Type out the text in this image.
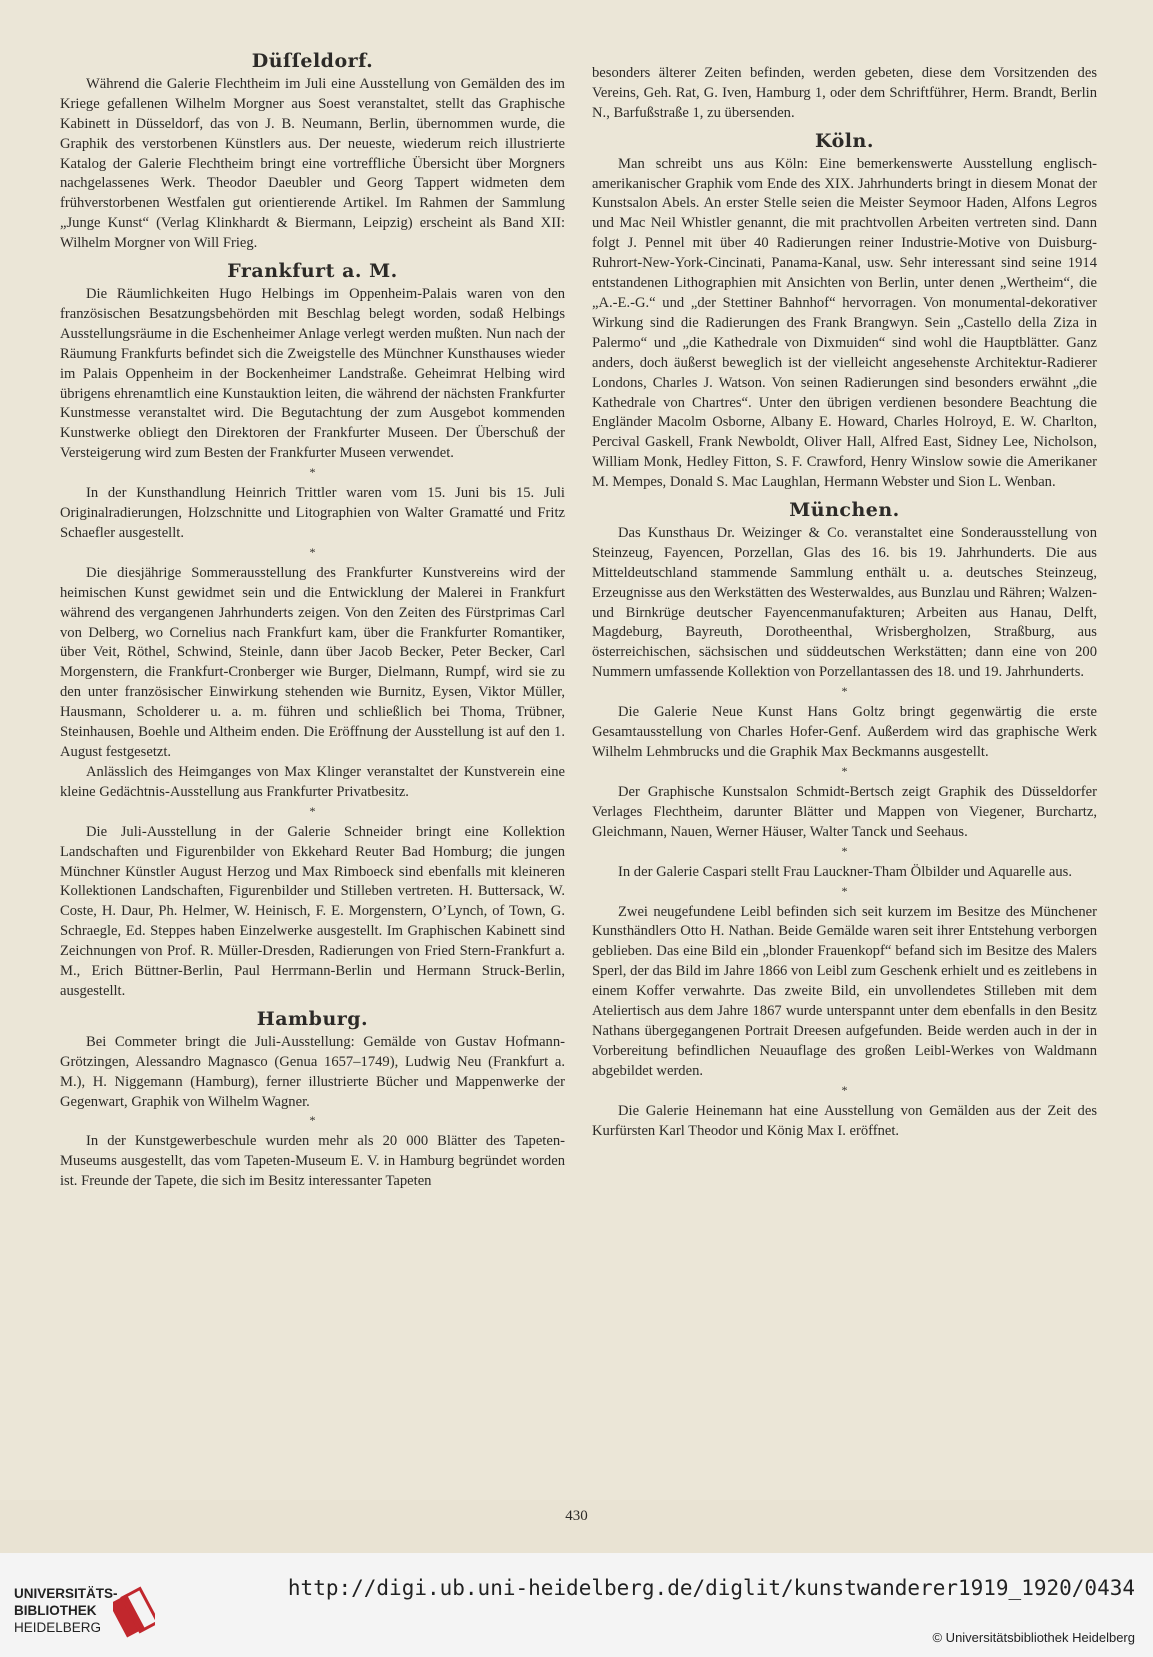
Düſſeldorf.

Während die Galerie Flechtheim im Juli eine Ausstellung von Gemälden des im Kriege gefallenen Wilhelm Morgner aus Soest veranstaltet, stellt das Graphische Kabinett in Düsseldorf, das von J. B. Neumann, Berlin, übernommen wurde, die Graphik des verstorbenen Künstlers aus. Der neueste, wiederum reich illustrierte Katalog der Galerie Flechtheim bringt eine vortreffliche Übersicht über Morgners nachgelassenes Werk. Theodor Daeubler und Georg Tappert widmeten dem frühverstorbenen Westfalen gut orientierende Artikel. Im Rahmen der Sammlung „Junge Kunst“ (Verlag Klinkhardt & Biermann, Leipzig) erscheint als Band XII: Wilhelm Morgner von Will Frieg.

Frankfurt a. M.

Die Räumlichkeiten Hugo Helbings im Oppenheim-Palais waren von den französischen Besatzungsbehörden mit Beschlag belegt worden, sodaß Helbings Ausstellungsräume in die Eschenheimer Anlage verlegt werden mußten. Nun nach der Räumung Frankfurts befindet sich die Zweigstelle des Münchner Kunsthauses wieder im Palais Oppenheim in der Bockenheimer Landstraße. Geheimrat Helbing wird übrigens ehrenamtlich eine Kunstauktion leiten, die während der nächsten Frankfurter Kunstmesse veranstaltet wird. Die Begutachtung der zum Ausgebot kommenden Kunstwerke obliegt den Direktoren der Frankfurter Museen. Der Überschuß der Versteigerung wird zum Besten der Frankfurter Museen verwendet.

*

In der Kunsthandlung Heinrich Trittler waren vom 15. Juni bis 15. Juli Originalradierungen, Holzschnitte und Litographien von Walter Gramatté und Fritz Schaefler ausgestellt.

*

Die diesjährige Sommerausstellung des Frankfurter Kunstvereins wird der heimischen Kunst gewidmet sein und die Entwicklung der Malerei in Frankfurt während des vergangenen Jahrhunderts zeigen. Von den Zeiten des Fürstprimas Carl von Delberg, wo Cornelius nach Frankfurt kam, über die Frankfurter Romantiker, über Veit, Röthel, Schwind, Steinle, dann über Jacob Becker, Peter Becker, Carl Morgenstern, die Frankfurt-Cronberger wie Burger, Dielmann, Rumpf, wird sie zu den unter französischer Einwirkung stehenden wie Burnitz, Eysen, Viktor Müller, Hausmann, Scholderer u. a. m. führen und schließlich bei Thoma, Trübner, Steinhausen, Boehle und Altheim enden. Die Eröffnung der Ausstellung ist auf den 1. August festgesetzt.

Anlässlich des Heimganges von Max Klinger veranstaltet der Kunstverein eine kleine Gedächtnis-Ausstellung aus Frankfurter Privatbesitz.

*

Die Juli-Ausstellung in der Galerie Schneider bringt eine Kollektion Landschaften und Figurenbilder von Ekkehard Reuter Bad Homburg; die jungen Münchner Künstler August Herzog und Max Rimboeck sind ebenfalls mit kleineren Kollektionen Landschaften, Figurenbilder und Stilleben vertreten. H. Buttersack, W. Coste, H. Daur, Ph. Helmer, W. Heinisch, F. E. Morgenstern, O’Lynch, of Town, G. Schraegle, Ed. Steppes haben Einzelwerke ausgestellt. Im Graphischen Kabinett sind Zeichnungen von Prof. R. Müller-Dresden, Radierungen von Fried Stern-Frankfurt a. M., Erich Büttner-Berlin, Paul Herrmann-Berlin und Hermann Struck-Berlin, ausgestellt.

Hamburg.

Bei Commeter bringt die Juli-Ausstellung: Gemälde von Gustav Hofmann-Grötzingen, Alessandro Magnasco (Genua 1657–1749), Ludwig Neu (Frankfurt a. M.), H. Niggemann (Hamburg), ferner illustrierte Bücher und Mappenwerke der Gegenwart, Graphik von Wilhelm Wagner.

*

In der Kunstgewerbeschule wurden mehr als 20 000 Blätter des Tapeten-Museums ausgestellt, das vom Tapeten-Museum E. V. in Hamburg begründet worden ist. Freunde der Tapete, die sich im Besitz interessanter Tapeten

besonders älterer Zeiten befinden, werden gebeten, diese dem Vorsitzenden des Vereins, Geh. Rat, G. Iven, Hamburg 1, oder dem Schriftführer, Herm. Brandt, Berlin N., Barfußstraße 1, zu übersenden.

Köln.

Man schreibt uns aus Köln: Eine bemerkenswerte Ausstellung englisch-amerikanischer Graphik vom Ende des XIX. Jahrhunderts bringt in diesem Monat der Kunstsalon Abels. An erster Stelle seien die Meister Seymoor Haden, Alfons Legros und Mac Neil Whistler genannt, die mit prachtvollen Arbeiten vertreten sind. Dann folgt J. Pennel mit über 40 Radierungen reiner Industrie-Motive von Duisburg-Ruhrort-New-York-Cincinati, Panama-Kanal, usw. Sehr interessant sind seine 1914 entstandenen Lithographien mit Ansichten von Berlin, unter denen „Wertheim“, die „A.-E.-G.“ und „der Stettiner Bahnhof“ hervorragen. Von monumental-dekorativer Wirkung sind die Radierungen des Frank Brangwyn. Sein „Castello della Ziza in Palermo“ und „die Kathedrale von Dixmuiden“ sind wohl die Hauptblätter. Ganz anders, doch äußerst beweglich ist der vielleicht angesehenste Architektur-Radierer Londons, Charles J. Watson. Von seinen Radierungen sind besonders erwähnt „die Kathedrale von Chartres“. Unter den übrigen verdienen besondere Beachtung die Engländer Macolm Osborne, Albany E. Howard, Charles Holroyd, E. W. Charlton, Percival Gaskell, Frank Newboldt, Oliver Hall, Alfred East, Sidney Lee, Nicholson, William Monk, Hedley Fitton, S. F. Crawford, Henry Winslow sowie die Amerikaner M. Mempes, Donald S. Mac Laughlan, Hermann Webster und Sion L. Wenban.

München.

Das Kunsthaus Dr. Weizinger & Co. veranstaltet eine Sonderausstellung von Steinzeug, Fayencen, Porzellan, Glas des 16. bis 19. Jahrhunderts. Die aus Mitteldeutschland stammende Sammlung enthält u. a. deutsches Steinzeug, Erzeugnisse aus den Werkstätten des Westerwaldes, aus Bunzlau und Rähren; Walzen- und Birnkrüge deutscher Fayencenmanufakturen; Arbeiten aus Hanau, Delft, Magdeburg, Bayreuth, Dorotheenthal, Wrisbergholzen, Straßburg, aus österreichischen, sächsischen und süddeutschen Werkstätten; dann eine von 200 Nummern umfassende Kollektion von Porzellantassen des 18. und 19. Jahrhunderts.

*

Die Galerie Neue Kunst Hans Goltz bringt gegenwärtig die erste Gesamtausstellung von Charles Hofer-Genf. Außerdem wird das graphische Werk Wilhelm Lehmbrucks und die Graphik Max Beckmanns ausgestellt.

*

Der Graphische Kunstsalon Schmidt-Bertsch zeigt Graphik des Düsseldorfer Verlages Flechtheim, darunter Blätter und Mappen von Viegener, Burchartz, Gleichmann, Nauen, Werner Häuser, Walter Tanck und Seehaus.

*

In der Galerie Caspari stellt Frau Lauckner-Tham Ölbilder und Aquarelle aus.

*

Zwei neugefundene Leibl befinden sich seit kurzem im Besitze des Münchener Kunsthändlers Otto H. Nathan. Beide Gemälde waren seit ihrer Entstehung verborgen geblieben. Das eine Bild ein „blonder Frauenkopf“ befand sich im Besitze des Malers Sperl, der das Bild im Jahre 1866 von Leibl zum Geschenk erhielt und es zeitlebens in einem Koffer verwahrte. Das zweite Bild, ein unvollendetes Stilleben mit dem Ateliertisch aus dem Jahre 1867 wurde unterspannt unter dem ebenfalls in den Besitz Nathans übergegangenen Portrait Dreesen aufgefunden. Beide werden auch in der in Vorbereitung befindlichen Neuauflage des großen Leibl-Werkes von Waldmann abgebildet werden.

*

Die Galerie Heinemann hat eine Ausstellung von Gemälden aus der Zeit des Kurfürsten Karl Theodor und König Max I. eröffnet.

430
UNIVERSITÄTS-
BIBLIOTHEK
HEIDELBERG
http://digi.ub.uni-heidelberg.de/diglit/kunstwanderer1919_1920/0434
© Universitätsbibliothek Heidelberg
